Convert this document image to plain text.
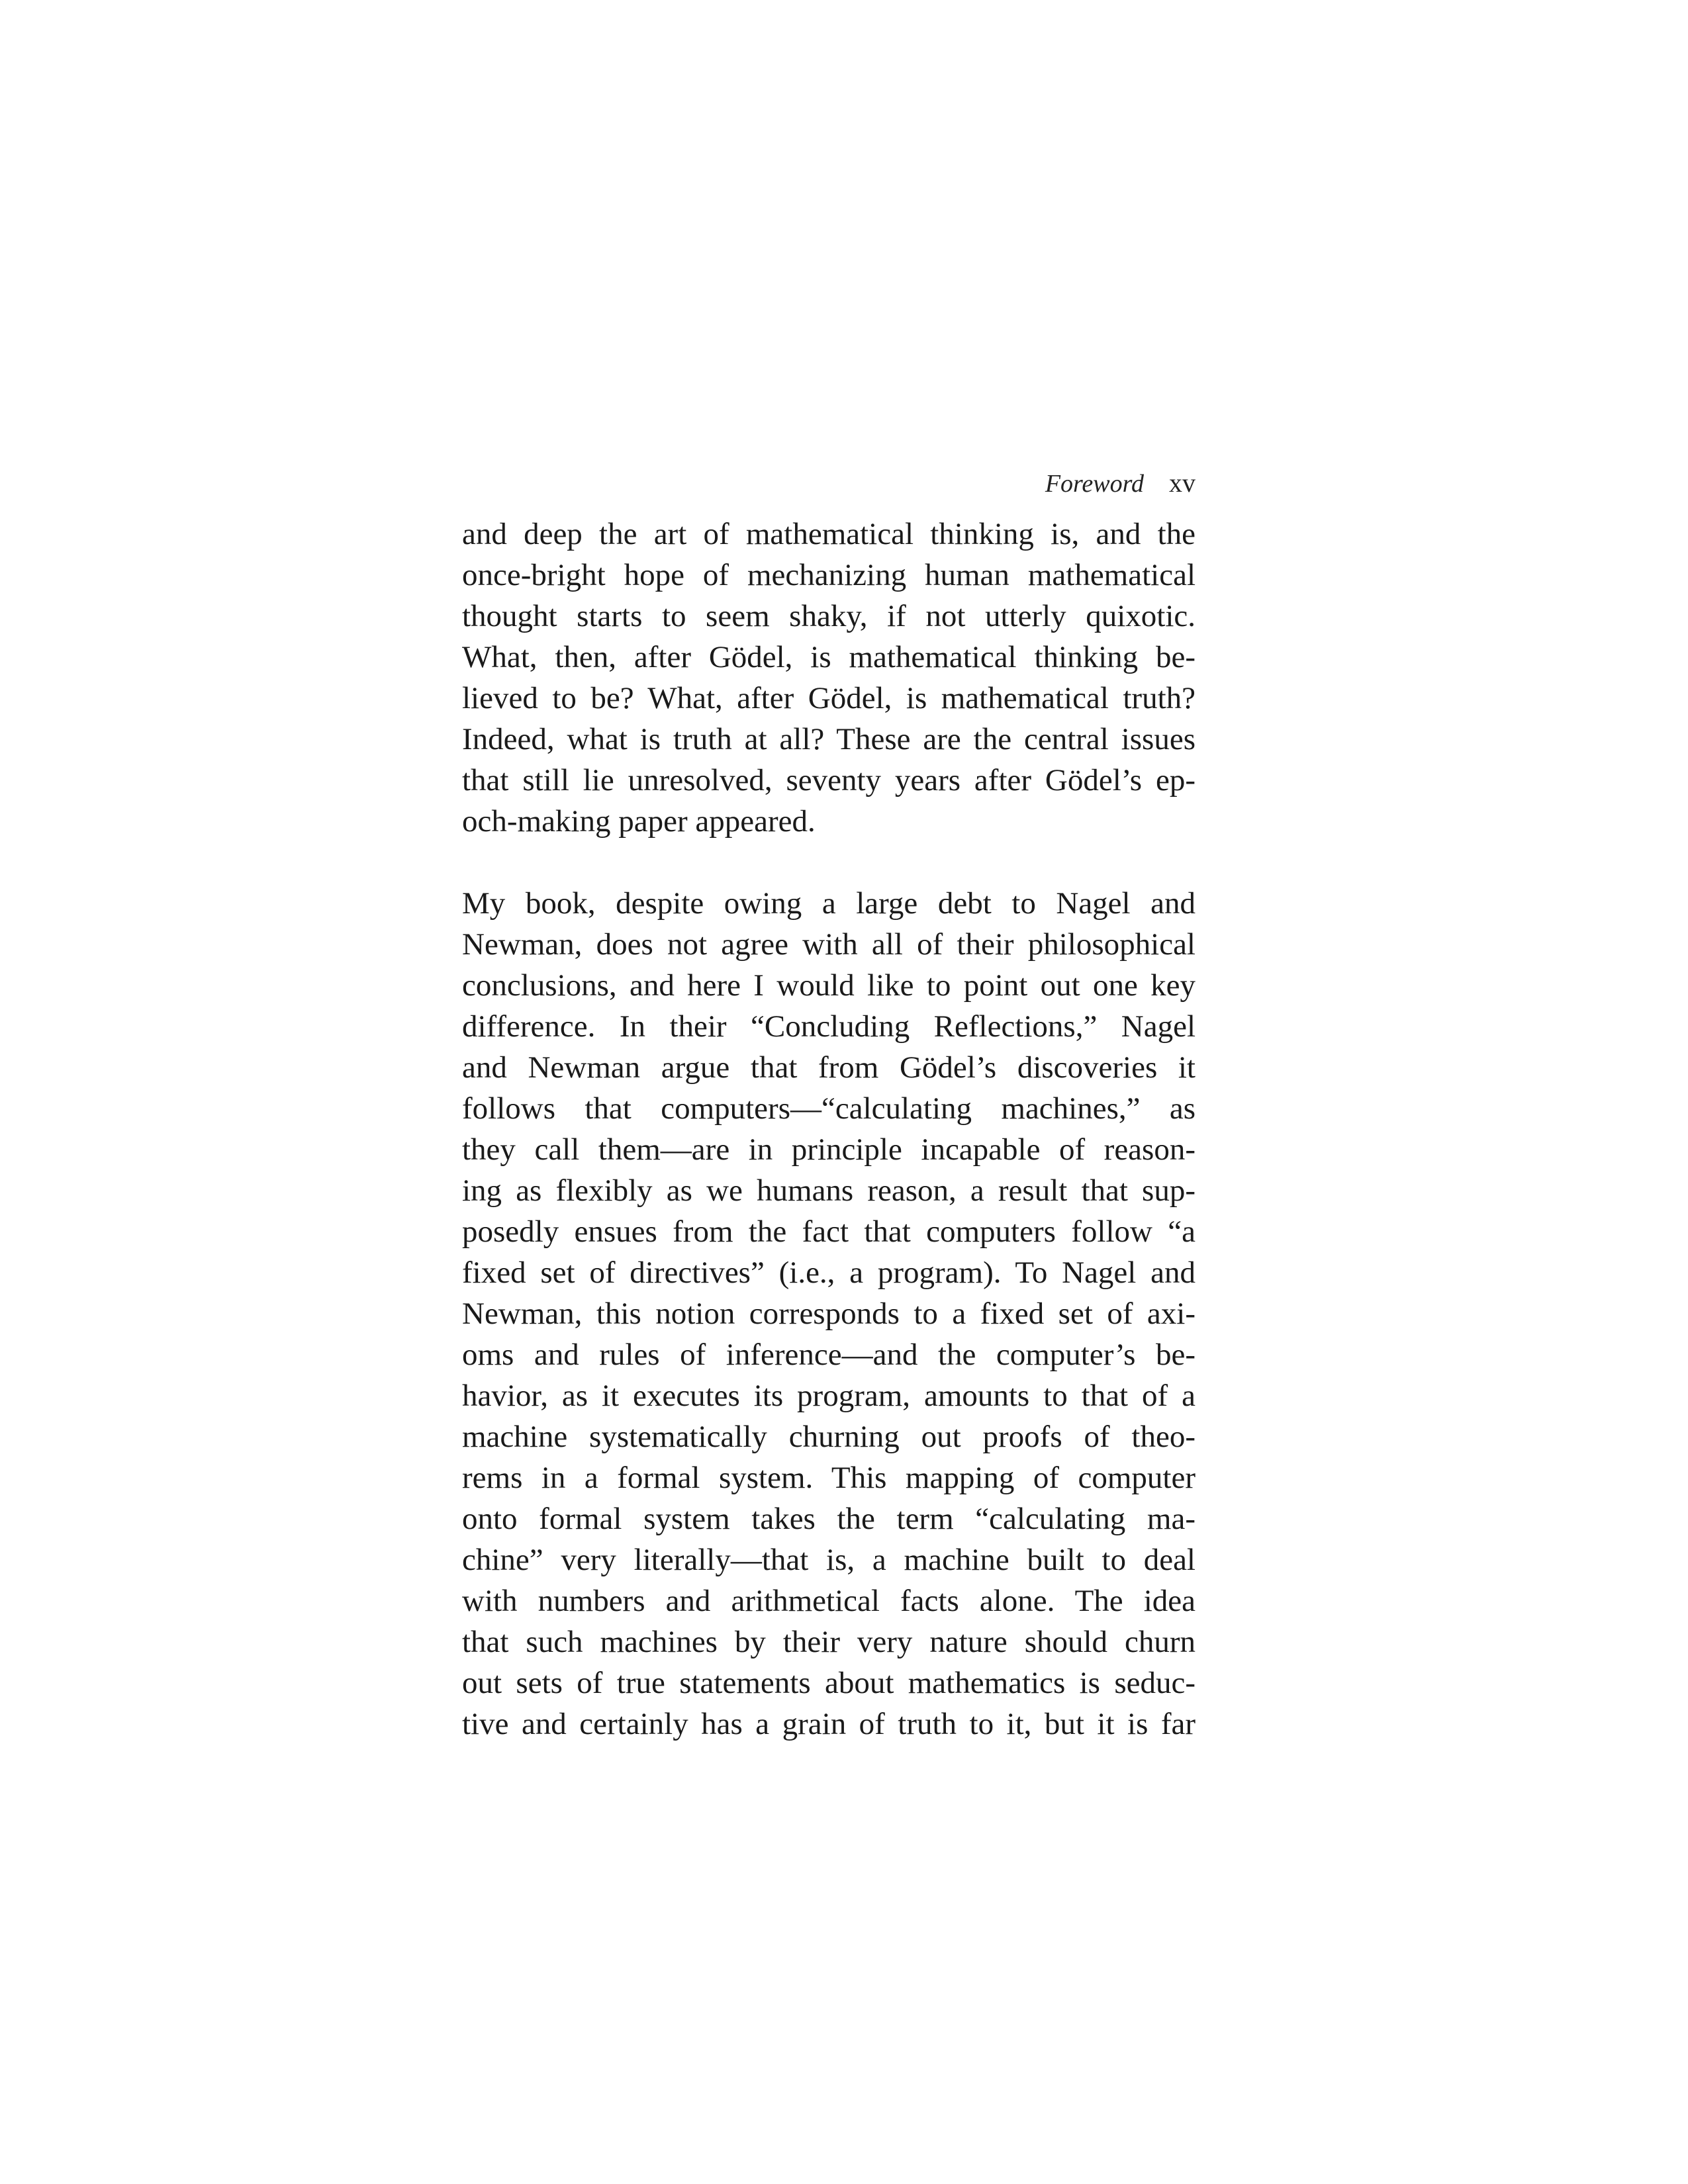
Foreword xv
and deep the art of mathematical thinking is, and the
once-bright hope of mechanizing human mathematical
thought starts to seem shaky, if not utterly quixotic.
What, then, after Gödel, is mathematical thinking be-
lieved to be? What, after Gödel, is mathematical truth?
Indeed, what is truth at all? These are the central issues
that still lie unresolved, seventy years after Gödel’s ep-
och-making paper appeared.
My book, despite owing a large debt to Nagel and
Newman, does not agree with all of their philosophical
conclusions, and here I would like to point out one key
difference. In their “Concluding Reflections,” Nagel
and Newman argue that from Gödel’s discoveries it
follows that computers—“calculating machines,” as
they call them—are in principle incapable of reason-
ing as flexibly as we humans reason, a result that sup-
posedly ensues from the fact that computers follow “a
fixed set of directives” (i.e., a program). To Nagel and
Newman, this notion corresponds to a fixed set of axi-
oms and rules of inference—and the computer’s be-
havior, as it executes its program, amounts to that of a
machine systematically churning out proofs of theo-
rems in a formal system. This mapping of computer
onto formal system takes the term “calculating ma-
chine” very literally—that is, a machine built to deal
with numbers and arithmetical facts alone. The idea
that such machines by their very nature should churn
out sets of true statements about mathematics is seduc-
tive and certainly has a grain of truth to it, but it is far
